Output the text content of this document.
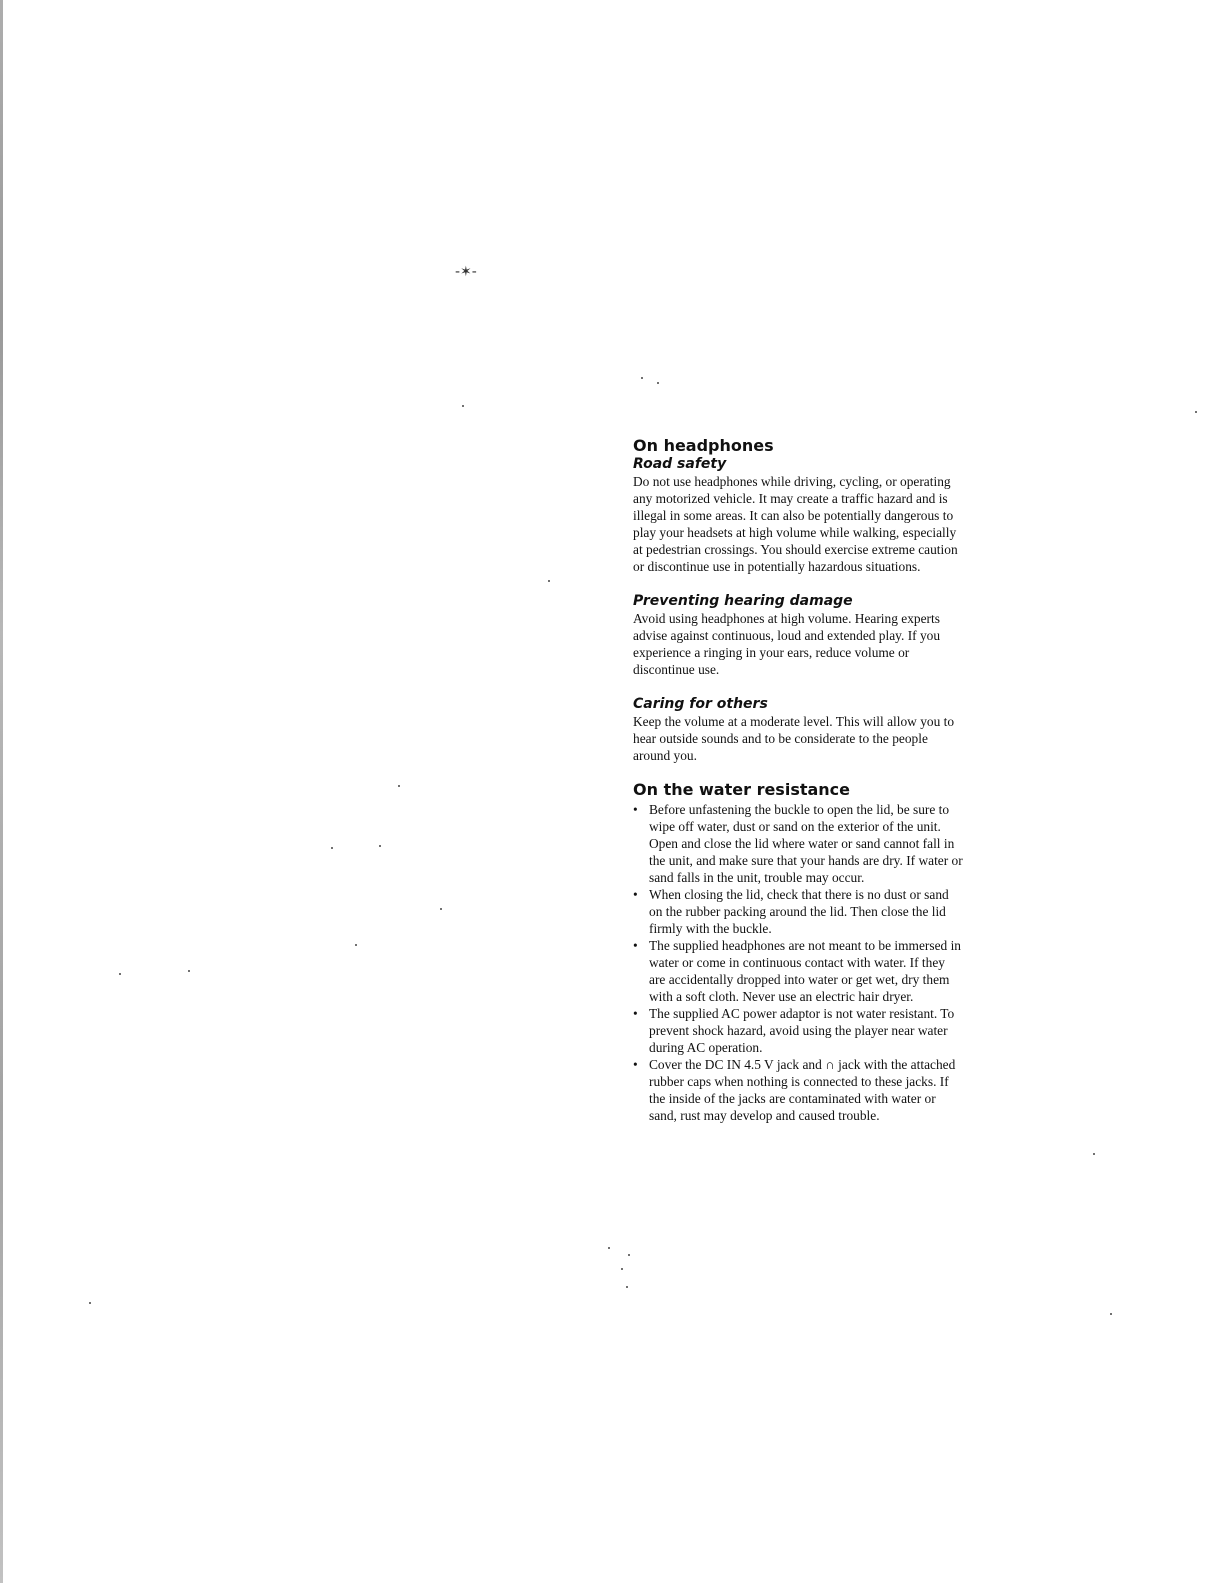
-✶-
On headphones
Road safety

Do not use headphones while driving, cycling, or operating any motorized vehicle. It may create a traffic hazard and is illegal in some areas. It can also be potentially dangerous to play your headsets at high volume while walking, especially at pedestrian crossings. You should exercise extreme caution or discontinue use in potentially hazardous situations.

Preventing hearing damage

Avoid using headphones at high volume. Hearing experts advise against continuous, loud and extended play. If you experience a ringing in your ears, reduce volume or discontinue use.

Caring for others

Keep the volume at a moderate level. This will allow you to hear outside sounds and to be considerate to the people around you.

On the water resistance
• Before unfastening the buckle to open the lid, be sure to wipe off water, dust or sand on the exterior of the unit. Open and close the lid where water or sand cannot fall in the unit, and make sure that your hands are dry. If water or sand falls in the unit, trouble may occur.
• When closing the lid, check that there is no dust or sand on the rubber packing around the lid. Then close the lid firmly with the buckle.
• The supplied headphones are not meant to be immersed in water or come in continuous contact with water. If they are accidentally dropped into water or get wet, dry them with a soft cloth. Never use an electric hair dryer.
• The supplied AC power adaptor is not water resistant. To prevent shock hazard, avoid using the player near water during AC operation.
• Cover the DC IN 4.5 V jack and ∩ jack with the attached rubber caps when nothing is connected to these jacks. If the inside of the jacks are contaminated with water or sand, rust may develop and caused trouble.
